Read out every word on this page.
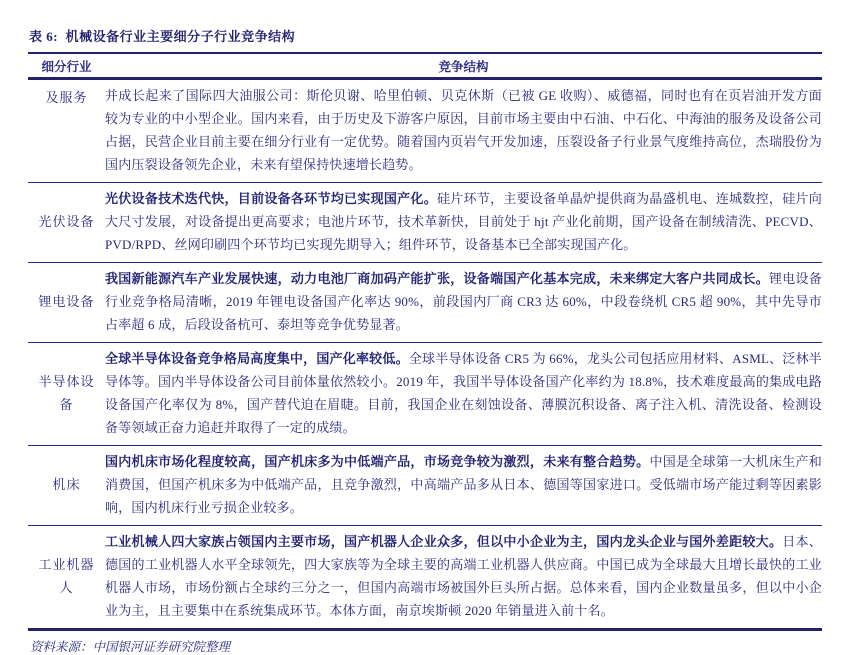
表 6:  机械设备行业主要细分子行业竞争结构
细分行业	竞争结构
及服务	并成长起来了国际四大油服公司：斯伦贝谢、哈里伯顿、贝克休斯（已被 GE 收购）、威德福，同时也有在页岩油开发方面较为专业的中小型企业。国内来看，由于历史及下游客户原因，目前市场主要由中石油、中石化、中海油的服务及设备公司占据，民营企业目前主要在细分行业有一定优势。随着国内页岩气开发加速，压裂设备子行业景气度维持高位，杰瑞股份为国内压裂设备领先企业，未来有望保持快速增长趋势。

光伏设备

光伏设备技术迭代快，目前设备各环节均已实现国产化。硅片环节，主要设备单晶炉提供商为晶盛机电、连城数控，硅片向大尺寸发展，对设备提出更高要求；电池片环节，技术革新快，目前处于 hjt 产业化前期，国产设备在制绒清洗、PECVD、PVD/RPD、丝网印刷四个环节均已实现先期导入；组件环节，设备基本已全部实现国产化。

锂电设备

我国新能源汽车产业发展快速，动力电池厂商加码产能扩张，设备端国产化基本完成，未来绑定大客户共同成长。锂电设备行业竞争格局清晰，2019 年锂电设备国产化率达 90%，前段国内厂商 CR3 达 60%，中段卷绕机 CR5 超 90%，其中先导市占率超 6 成，后段设备杭可、泰坦等竞争优势显著。

半导体设备

全球半导体设备竞争格局高度集中，国产化率较低。全球半导体设备 CR5 为 66%，龙头公司包括应用材料、ASML、泛林半导体等。国内半导体设备公司目前体量依然较小。2019 年，我国半导体设备国产化率约为 18.8%，技术难度最高的集成电路设备国产化率仅为 8%，国产替代迫在眉睫。目前，我国企业在刻蚀设备、薄膜沉积设备、离子注入机、清洗设备、检测设备等领域正奋力追赶并取得了一定的成绩。

机床

国内机床市场化程度较高，国产机床多为中低端产品，市场竞争较为激烈，未来有整合趋势。中国是全球第一大机床生产和消费国，但国产机床多为中低端产品，且竞争激烈，中高端产品多从日本、德国等国家进口。受低端市场产能过剩等因素影响，国内机床行业亏损企业较多。

工业机器人

工业机械人四大家族占领国内主要市场，国产机器人企业众多，但以中小企业为主，国内龙头企业与国外差距较大。日本、德国的工业机器人水平全球领先，四大家族等为全球主要的高端工业机器人供应商。中国已成为全球最大且增长最快的工业机器人市场，市场份额占全球约三分之一，但国内高端市场被国外巨头所占据。总体来看，国内企业数量虽多，但以中小企业为主，且主要集中在系统集成环节。本体方面，南京埃斯顿 2020 年销量进入前十名。

资料来源：中国银河证券研究院整理
